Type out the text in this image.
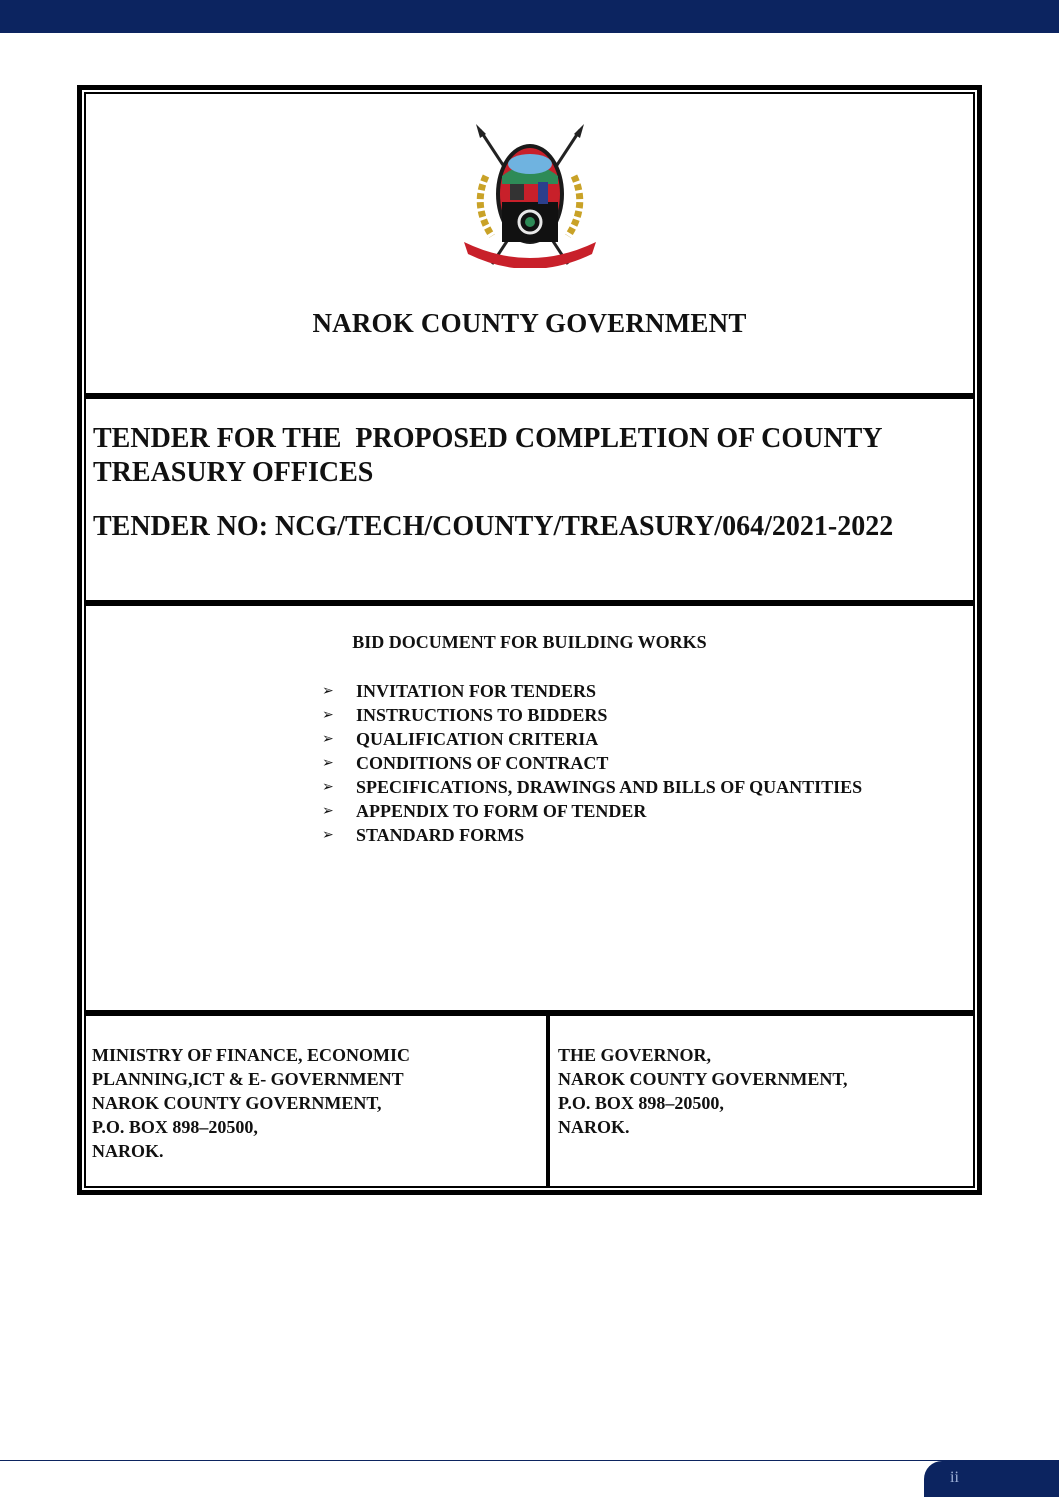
NAROK COUNTY GOVERNMENT
TENDER FOR THE  PROPOSED COMPLETION OF COUNTY TREASURY OFFICES
TENDER NO: NCG/TECH/COUNTY/TREASURY/064/2021-2022
BID DOCUMENT FOR BUILDING WORKS
➢	INVITATION FOR TENDERS
➢	INSTRUCTIONS TO BIDDERS
➢	QUALIFICATION CRITERIA
➢	CONDITIONS OF CONTRACT
➢	SPECIFICATIONS, DRAWINGS AND BILLS OF QUANTITIES
➢	APPENDIX TO FORM OF TENDER
➢	STANDARD FORMS
MINISTRY OF FINANCE, ECONOMIC
PLANNING,ICT & E- GOVERNMENT
NAROK COUNTY GOVERNMENT,
P.O. BOX 898–20500,
NAROK.
THE GOVERNOR,
NAROK COUNTY GOVERNMENT,
P.O. BOX 898–20500,
NAROK.
ii
